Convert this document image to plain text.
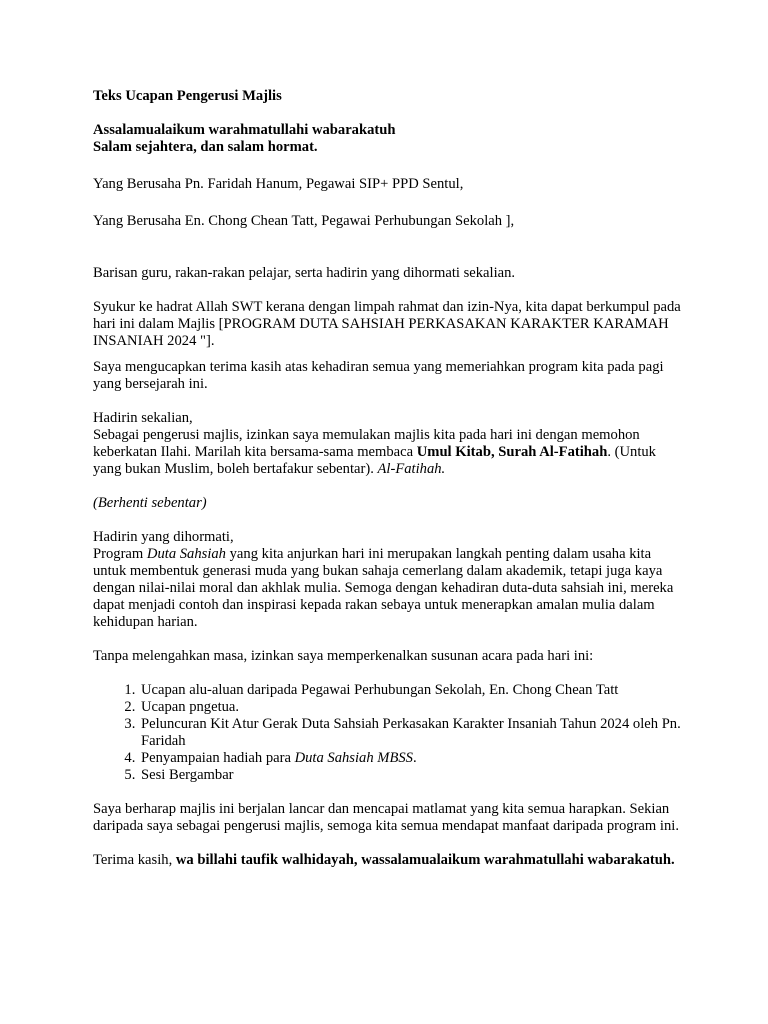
Teks Ucapan Pengerusi Majlis

Assalamualaikum warahmatullahi wabarakatuh

Salam sejahtera, dan salam hormat.

Yang Berusaha Pn. Faridah Hanum, Pegawai SIP+ PPD Sentul,

Yang Berusaha En. Chong Chean Tatt, Pegawai Perhubungan Sekolah ],

Barisan guru, rakan-rakan pelajar, serta hadirin yang dihormati sekalian.

Syukur ke hadrat Allah SWT kerana dengan limpah rahmat dan izin-Nya, kita dapat berkumpul pada hari ini dalam Majlis [PROGRAM DUTA SAHSIAH PERKASAKAN KARAKTER KARAMAH INSANIAH 2024 "].

Saya mengucapkan terima kasih atas kehadiran semua yang memeriahkan program kita pada pagi yang bersejarah ini.

Hadirin sekalian,

Sebagai pengerusi majlis, izinkan saya memulakan majlis kita pada hari ini dengan memohon keberkatan Ilahi. Marilah kita bersama-sama membaca Umul Kitab, Surah Al-Fatihah. (Untuk yang bukan Muslim, boleh bertafakur sebentar). Al-Fatihah.

(Berhenti sebentar)

Hadirin yang dihormati,

Program Duta Sahsiah yang kita anjurkan hari ini merupakan langkah penting dalam usaha kita untuk membentuk generasi muda yang bukan sahaja cemerlang dalam akademik, tetapi juga kaya dengan nilai-nilai moral dan akhlak mulia. Semoga dengan kehadiran duta-duta sahsiah ini, mereka dapat menjadi contoh dan inspirasi kepada rakan sebaya untuk menerapkan amalan mulia dalam kehidupan harian.

Tanpa melengahkan masa, izinkan saya memperkenalkan susunan acara pada hari ini:

1. Ucapan alu-aluan daripada Pegawai Perhubungan Sekolah, En. Chong Chean Tatt
2. Ucapan pngetua.
3. Peluncuran Kit Atur Gerak Duta Sahsiah Perkasakan Karakter Insaniah Tahun 2024 oleh Pn. Faridah
4. Penyampaian hadiah para Duta Sahsiah MBSS.
5. Sesi Bergambar

Saya berharap majlis ini berjalan lancar dan mencapai matlamat yang kita semua harapkan. Sekian daripada saya sebagai pengerusi majlis, semoga kita semua mendapat manfaat daripada program ini.

Terima kasih, wa billahi taufik walhidayah, wassalamualaikum warahmatullahi wabarakatuh.
